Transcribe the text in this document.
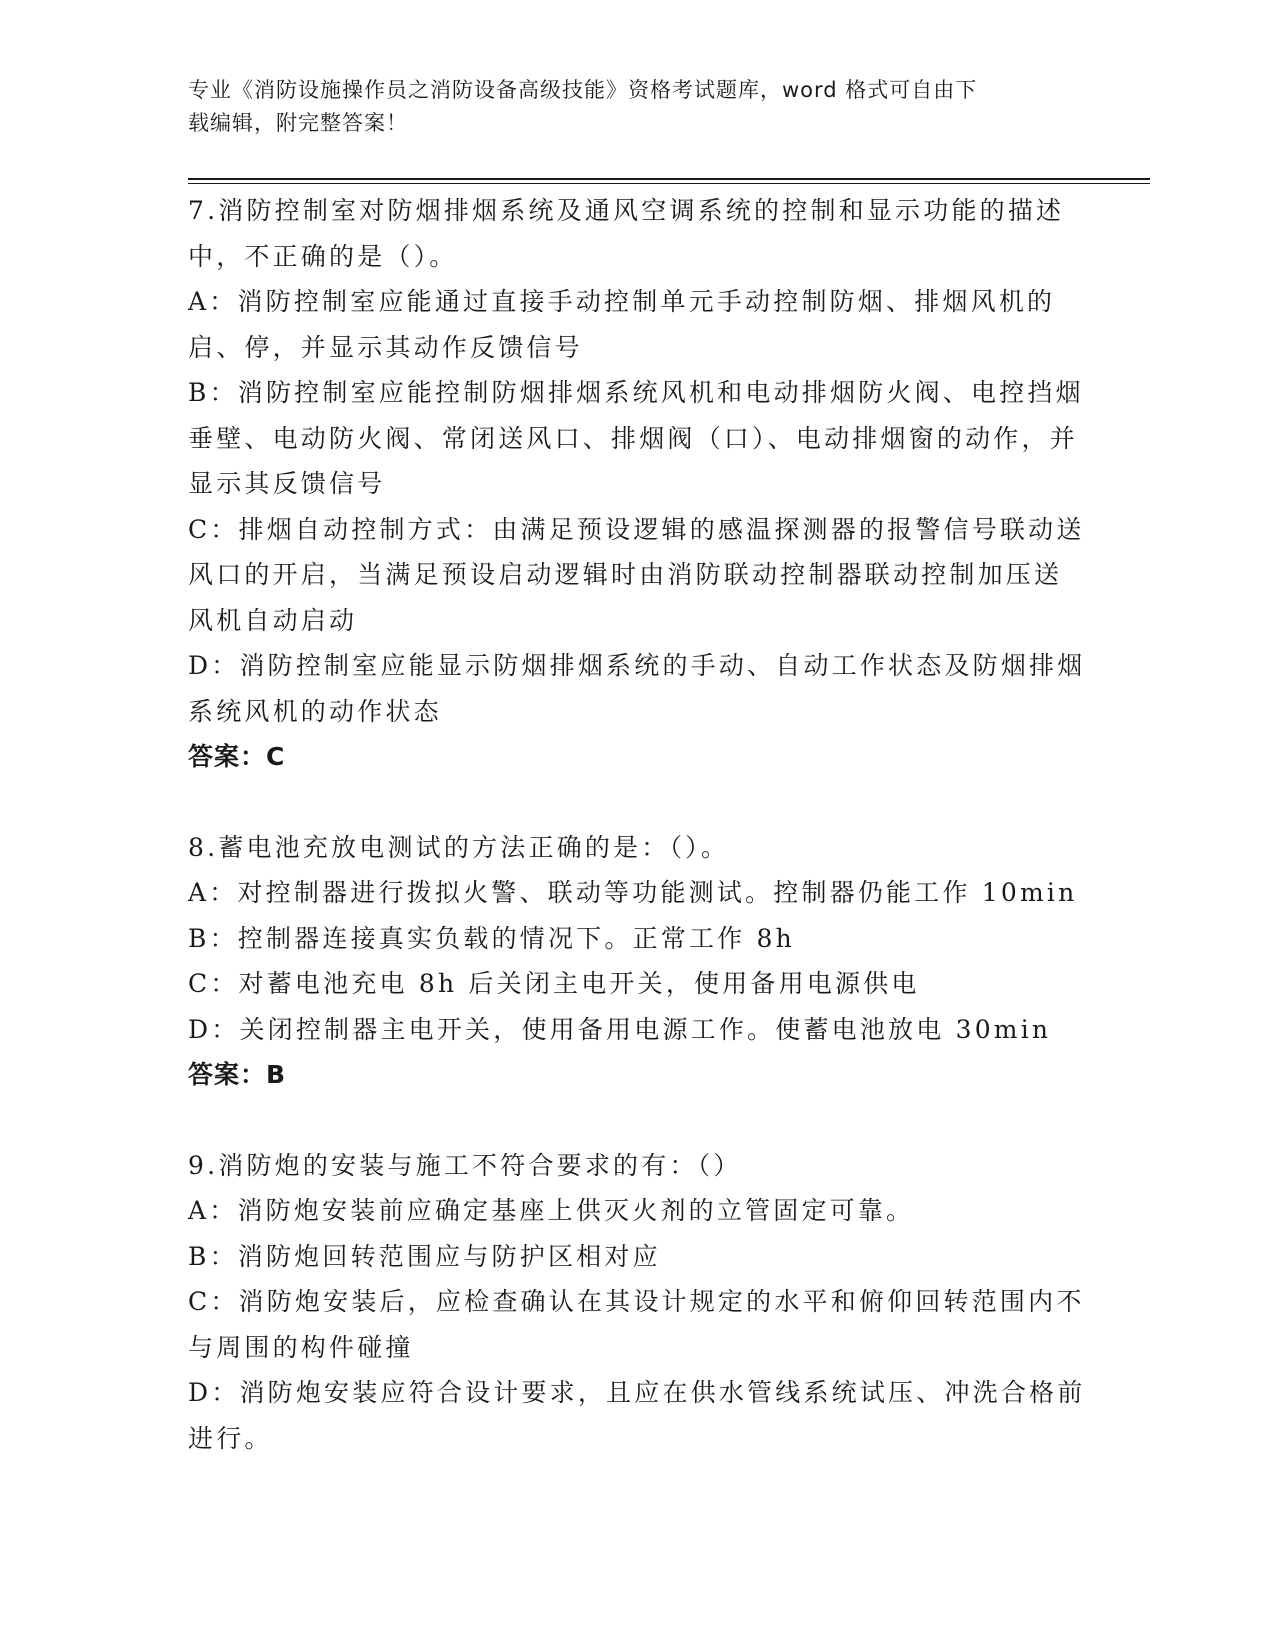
专业《消防设施操作员之消防设备高级技能》资格考试题库，word 格式可自由下
载编辑，附完整答案！

7.消防控制室对防烟排烟系统及通风空调系统的控制和显示功能的描述中，不正确的是（）。

A：消防控制室应能通过直接手动控制单元手动控制防烟、排烟风机的启、停，并显示其动作反馈信号

B：消防控制室应能控制防烟排烟系统风机和电动排烟防火阀、电控挡烟垂壁、电动防火阀、常闭送风口、排烟阀（口）、电动排烟窗的动作，并显示其反馈信号

C：排烟自动控制方式：由满足预设逻辑的感温探测器的报警信号联动送风口的开启，当满足预设启动逻辑时由消防联动控制器联动控制加压送风机自动启动

D：消防控制室应能显示防烟排烟系统的手动、自动工作状态及防烟排烟系统风机的动作状态

答案：C

8.蓄电池充放电测试的方法正确的是：（）。

A：对控制器进行拨拟火警、联动等功能测试。控制器仍能工作 10min

B：控制器连接真实负载的情况下。正常工作 8h

C：对蓄电池充电 8h 后关闭主电开关，使用备用电源供电

D：关闭控制器主电开关，使用备用电源工作。使蓄电池放电 30min

答案：B

9.消防炮的安装与施工不符合要求的有：（）

A：消防炮安装前应确定基座上供灭火剂的立管固定可靠。

B：消防炮回转范围应与防护区相对应

C：消防炮安装后，应检查确认在其设计规定的水平和俯仰回转范围内不与周围的构件碰撞

D：消防炮安装应符合设计要求，且应在供水管线系统试压、冲洗合格前进行。
